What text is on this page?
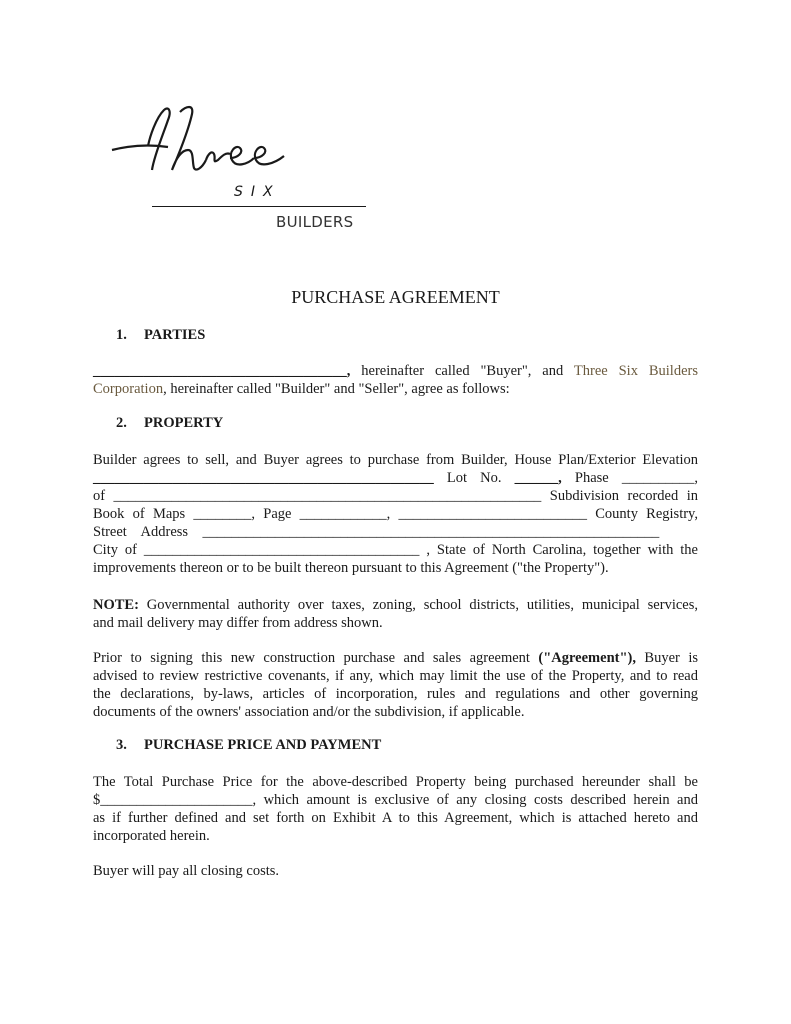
SIX
BUILDERS
PURCHASE AGREEMENT
1. PARTIES
___________________________________, hereinafter called "Buyer", and Three Six Builders
Corporation, hereinafter called "Builder" and "Seller", agree as follows:
2. PROPERTY
Builder agrees to sell, and Buyer agrees to purchase from Builder, House Plan/Exterior Elevation
_______________________________________________ Lot No. ______, Phase __________,
of ___________________________________________________________ Subdivision recorded in
Book of Maps ________, Page ____________, __________________________ County Registry,
Street    Address    _______________________________________________________________
City of ______________________________________ , State of North Carolina, together with the
improvements thereon or to be built thereon pursuant to this Agreement ("the Property").
NOTE: Governmental authority over taxes, zoning, school districts, utilities, municipal services,
and mail delivery may differ from address shown.
Prior to signing this new construction purchase and sales agreement ("Agreement"), Buyer is
advised to review restrictive covenants, if any, which may limit the use of the Property, and to read
the declarations, by-laws, articles of incorporation, rules and regulations and other governing
documents of the owners' association and/or the subdivision, if applicable.
3. PURCHASE PRICE AND PAYMENT
The Total Purchase Price for the above-described Property being purchased hereunder shall be
$_____________________, which amount is exclusive of any closing costs described herein and
as if further defined and set forth on Exhibit A to this Agreement, which is attached hereto and
incorporated herein.
Buyer will pay all closing costs.
